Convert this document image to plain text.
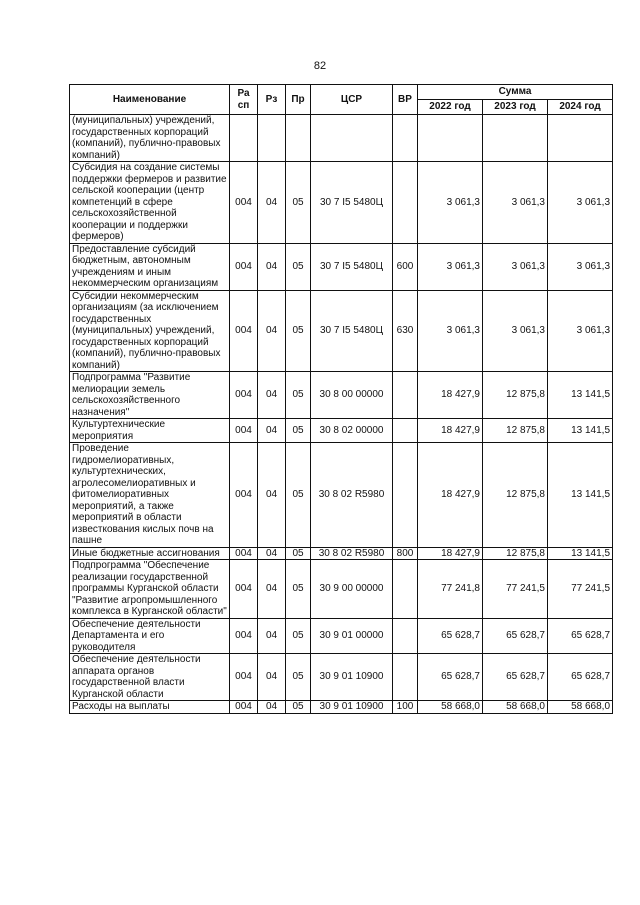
82
Наименование	Ра сп	Рз	Пр	ЦСР	ВР	Сумма		
						2022 год	2023 год	2024 год
(муниципальных) учреждений, государственных корпораций (компаний), публично-правовых компаний)								
Субсидия на создание системы поддержки фермеров и развитие сельской кооперации (центр компетенций в сфере сельскохозяйственной кооперации и поддержки фермеров)	004	04	05	30 7 I5 5480Ц		3 061,3	3 061,3	3 061,3
Предоставление субсидий бюджетным, автономным учреждениям и иным некоммерческим организациям	004	04	05	30 7 I5 5480Ц	600	3 061,3	3 061,3	3 061,3
Субсидии некоммерческим организациям (за исключением государственных (муниципальных) учреждений, государственных корпораций (компаний), публично-правовых компаний)	004	04	05	30 7 I5 5480Ц	630	3 061,3	3 061,3	3 061,3
Подпрограмма "Развитие мелиорации земель сельскохозяйственного назначения"	004	04	05	30 8 00 00000		18 427,9	12 875,8	13 141,5
Культуртехнические мероприятия	004	04	05	30 8 02 00000		18 427,9	12 875,8	13 141,5
Проведение гидромелиоративных, культуртехнических, агролесомелиоративных и фитомелиоративных мероприятий, а также мероприятий в области известкования кислых почв на пашне	004	04	05	30 8 02 R5980		18 427,9	12 875,8	13 141,5
Иные бюджетные ассигнования	004	04	05	30 8 02 R5980	800	18 427,9	12 875,8	13 141,5
Подпрограмма "Обеспечение реализации государственной программы Курганской области "Развитие агропромышленного комплекса в Курганской области"	004	04	05	30 9 00 00000		77 241,8	77 241,5	77 241,5
Обеспечение деятельности Департамента и его руководителя	004	04	05	30 9 01 00000		65 628,7	65 628,7	65 628,7
Обеспечение деятельности аппарата органов государственной власти Курганской области	004	04	05	30 9 01 10900		65 628,7	65 628,7	65 628,7
Расходы на выплаты	004	04	05	30 9 01 10900	100	58 668,0	58 668,0	58 668,0
